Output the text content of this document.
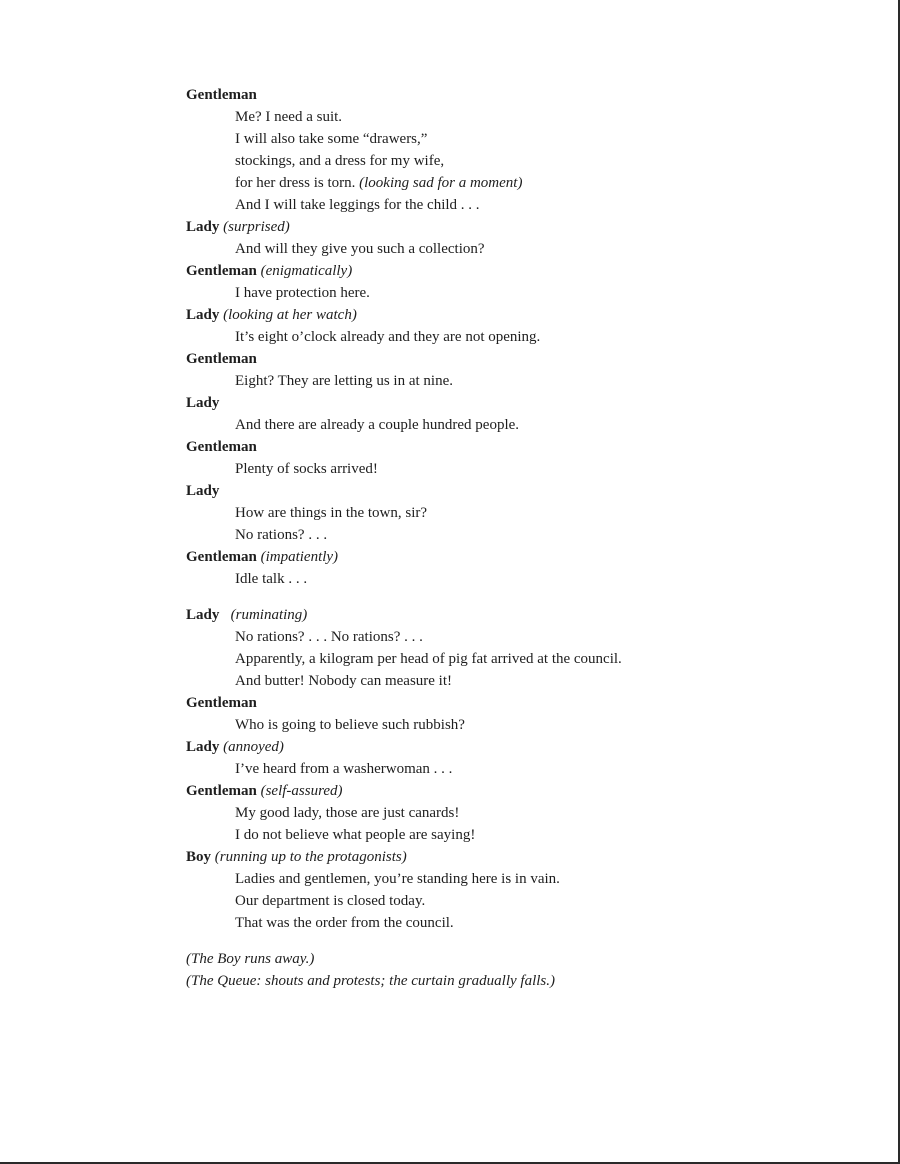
Gentleman
Me? I need a suit.
I will also take some “drawers,”
stockings, and a dress for my wife,
for her dress is torn. (looking sad for a moment)
And I will take leggings for the child . . .
Lady (surprised)
And will they give you such a collection?
Gentleman (enigmatically)
I have protection here.
Lady (looking at her watch)
It’s eight o’clock already and they are not opening.
Gentleman
Eight? They are letting us in at nine.
Lady
And there are already a couple hundred people.
Gentleman
Plenty of socks arrived!
Lady
How are things in the town, sir?
No rations? . . .
Gentleman (impatiently)
Idle talk . . .
Lady (ruminating)
No rations? . . . No rations? . . .
Apparently, a kilogram per head of pig fat arrived at the council.
And butter! Nobody can measure it!
Gentleman
Who is going to believe such rubbish?
Lady (annoyed)
I’ve heard from a washerwoman . . .
Gentleman (self-assured)
My good lady, those are just canards!
I do not believe what people are saying!
Boy (running up to the protagonists)
Ladies and gentlemen, you’re standing here is in vain.
Our department is closed today.
That was the order from the council.
(The Boy runs away.)
(The Queue: shouts and protests; the curtain gradually falls.)
